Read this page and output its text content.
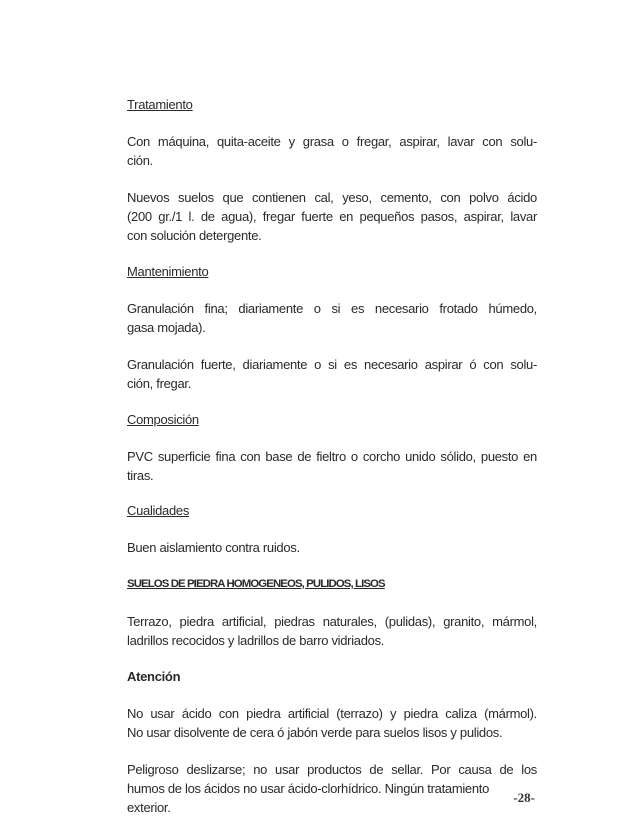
Tratamiento
Con máquina, quita-aceite y grasa o fregar, aspirar, lavar con solu-
ción.
Nuevos suelos que contienen cal, yeso, cemento, con polvo ácido
(200 gr./1 l. de agua), fregar fuerte en pequeños pasos, aspirar, lavar
con solución detergente.
Mantenimiento
Granulación fina; diariamente o si es necesario frotado húmedo,
gasa mojada).
Granulación fuerte, diariamente o si es necesario aspirar ó con solu-
ción, fregar.
Composición
PVC superficie fina con base de fieltro o corcho unido sólido, puesto en
tiras.
Cualidades
Buen aislamiento contra ruidos.
SUELOS DE PIEDRA HOMOGENEOS, PULIDOS, LISOS
Terrazo, piedra artificial, piedras naturales, (pulidas), granito, mármol,
ladrillos recocidos y ladrillos de barro vidriados.
Atención
No usar ácido con piedra artificial (terrazo) y piedra caliza (mármol).
No usar disolvente de cera ó jabón verde para suelos lisos y pulidos.
Peligroso deslizarse; no usar productos de sellar. Por causa de los
humos de los ácidos no usar ácido-clorhídrico. Ningún tratamiento
exterior.
-28-
